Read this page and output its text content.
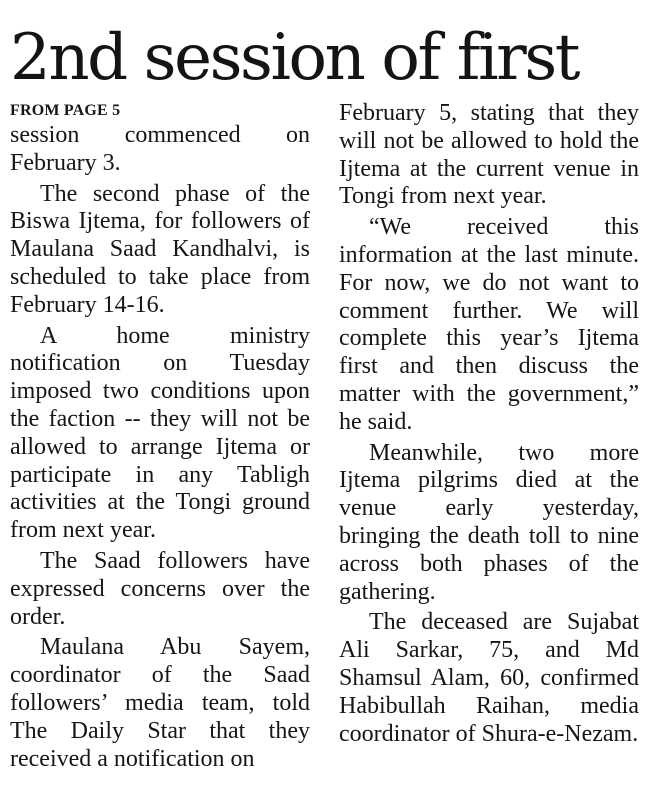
2nd session of first
FROM PAGE 5

session commenced on February 3.

The second phase of the Biswa Ijtema, for followers of Maulana Saad Kandhalvi, is scheduled to take place from February 14-16.

A home ministry notification on Tuesday imposed two conditions upon the faction -- they will not be allowed to arrange Ijtema or participate in any Tabligh activities at the Tongi ground from next year.

The Saad followers have expressed concerns over the order.

Maulana Abu Sayem, coordinator of the Saad followers’ media team, told The Daily Star that they received a notification on

February 5, stating that they will not be allowed to hold the Ijtema at the current venue in Tongi from next year.

“We received this information at the last minute. For now, we do not want to comment further. We will complete this year’s Ijtema first and then discuss the matter with the government,” he said.

Meanwhile, two more Ijtema pilgrims died at the venue early yesterday, bringing the death toll to nine across both phases of the gathering.

The deceased are Sujabat Ali Sarkar, 75, and Md Shamsul Alam, 60, confirmed Habibullah Raihan, media coordinator of Shura-e-Nezam.
